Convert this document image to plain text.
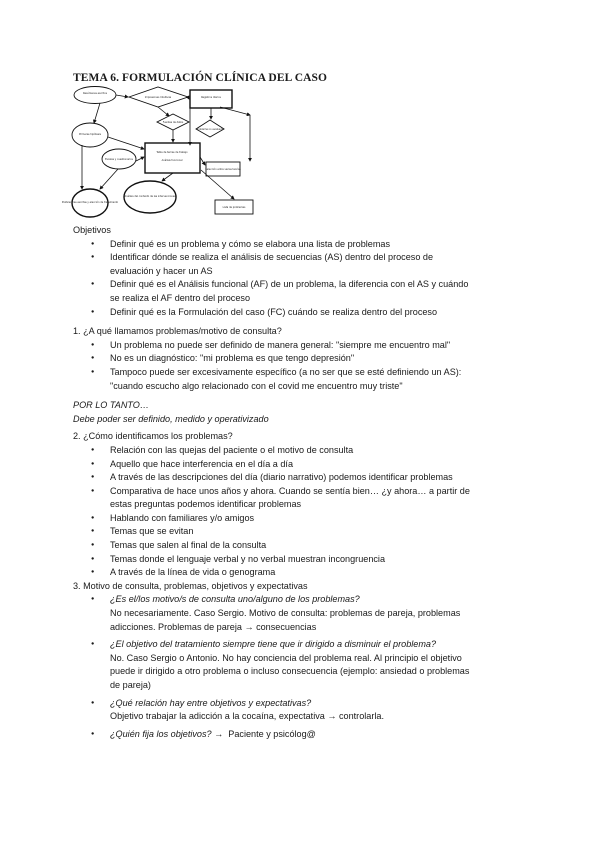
TEMA 6. FORMULACIÓN CLÍNICA DEL CASO
Resúmenes escritos
Impresiones Intuitivas	Registros diarios
Fuentes de datos
Primeras hipótesis
Tabla de temas de trabajo
Escalas y cuestionarios
Selección entre varias teorías
Problema no evaluado
Análisis funcional
Preferencias escritas y elección de tratamiento
Análisis del contexto de las intervenciones
Lista de problemas

Objetivos

● Definir qué es un problema y cómo se elabora una lista de problemas
● Identificar dónde se realiza el análisis de secuencias (AS) dentro del proceso de
evaluación y hacer un AS
● Definir qué es el Análisis funcional (AF) de un problema, la diferencia con el AS y cuándo
se realiza el AF dentro del proceso
● Definir qué es la Formulación del caso (FC) cuándo se realiza dentro del proceso

1. ¿A qué llamamos problemas/motivo de consulta?

● Un problema no puede ser definido de manera general: "siempre me encuentro mal"
● No es un diagnóstico: "mi problema es que tengo depresión"
● Tampoco puede ser excesivamente específico (a no ser que se esté definiendo un AS):
"cuando escucho algo relacionado con el covid me encuentro muy triste"

POR LO TANTO…

Debe poder ser definido, medido y operativizado

2. ¿Cómo identificamos los problemas?

● Relación con las quejas del paciente o el motivo de consulta
● Aquello que hace interferencia en el día a día
● A través de las descripciones del día (diario narrativo) podemos identificar problemas
● Comparativa de hace unos años y ahora. Cuando se sentía bien… ¿y ahora… a partir de
estas preguntas podemos identificar problemas
● Hablando con familiares y/o amigos
● Temas que se evitan
● Temas que salen al final de la consulta
● Temas donde el lenguaje verbal y no verbal muestran incongruencia
● A través de la línea de vida o genograma

3. Motivo de consulta, problemas, objetivos y expectativas

● ¿Es el/los motivo/s de consulta uno/alguno de los problemas?
No necesariamente. Caso Sergio. Motivo de consulta: problemas de pareja, problemas
adicciones. Problemas de pareja → consecuencias
● ¿El objetivo del tratamiento siempre tiene que ir dirigido a disminuir el problema?
No. Caso Sergio o Antonio. No hay conciencia del problema real. Al principio el objetivo
puede ir dirigido a otro problema o incluso consecuencia (ejemplo: ansiedad o problemas
de pareja)
● ¿Qué relación hay entre objetivos y expectativas?
Objetivo trabajar la adicción a la cocaína, expectativa → controlarla.
● ¿Quién fija los objetivos? → Paciente y psicólog@
